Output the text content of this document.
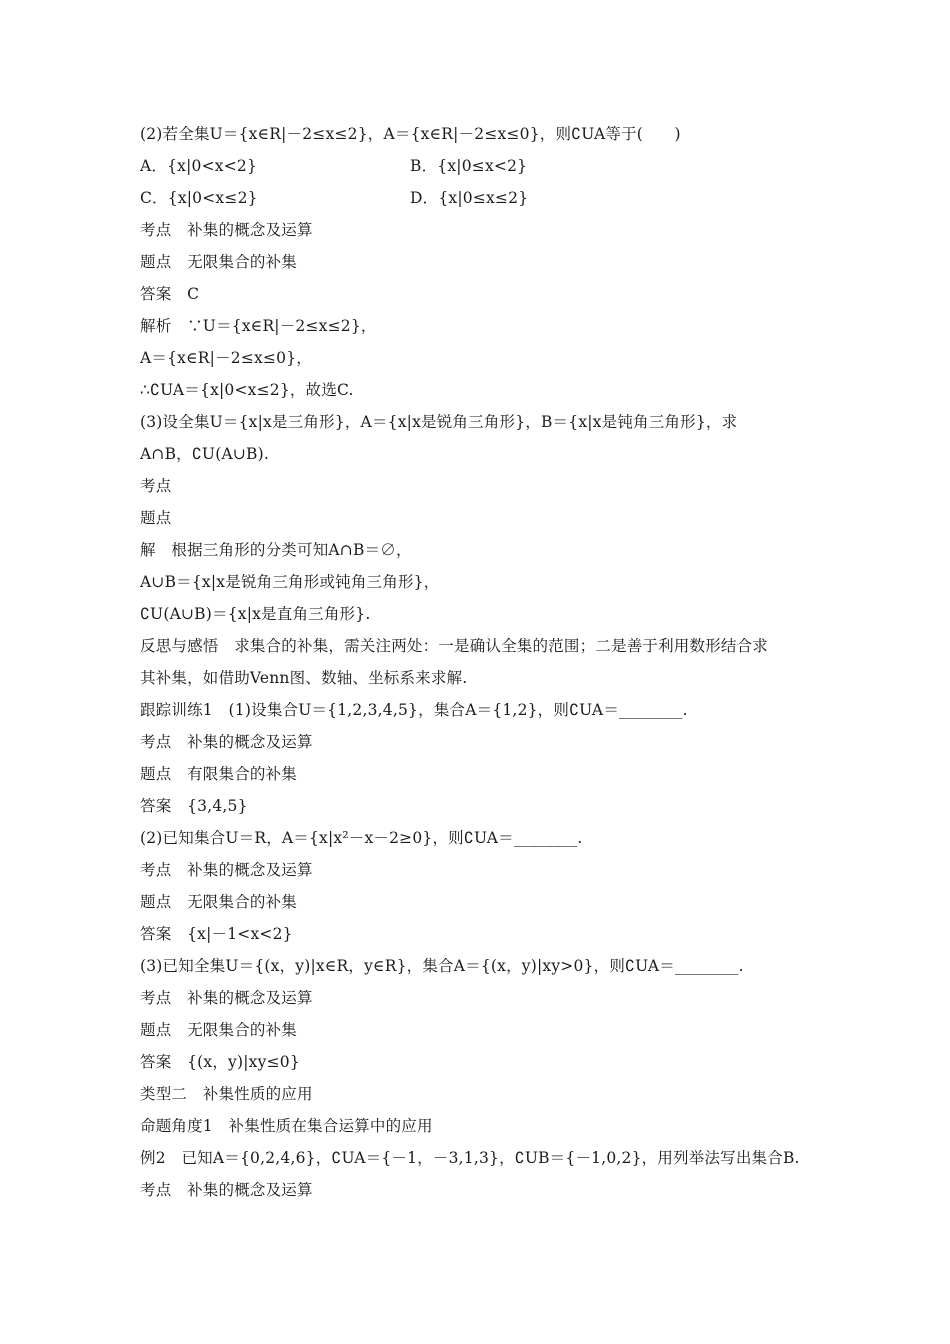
(2)若全集U＝{x∈R|－2≤x≤2}，A＝{x∈R|－2≤x≤0}，则∁UA等于(　　)
A．{x|0<x<2}	B．{x|0≤x<2}
C．{x|0<x≤2}	D．{x|0≤x≤2}
考点　补集的概念及运算
题点　无限集合的补集
答案　C
解析　∵U＝{x∈R|－2≤x≤2}，
A＝{x∈R|－2≤x≤0}，
∴∁UA＝{x|0<x≤2}，故选C.
(3)设全集U＝{x|x是三角形}，A＝{x|x是锐角三角形}，B＝{x|x是钝角三角形}，求
A∩B，∁U(A∪B).
考点
题点
解　根据三角形的分类可知A∩B＝∅，
A∪B＝{x|x是锐角三角形或钝角三角形}，
∁U(A∪B)＝{x|x是直角三角形}.
反思与感悟　求集合的补集，需关注两处：一是确认全集的范围；二是善于利用数形结合求
其补集，如借助Venn图、数轴、坐标系来求解.
跟踪训练1　(1)设集合U＝{1,2,3,4,5}，集合A＝{1,2}，则∁UA＝________.
考点　补集的概念及运算
题点　有限集合的补集
答案　{3,4,5}
(2)已知集合U＝R，A＝{x|x²－x－2≥0}，则∁UA＝________.
考点　补集的概念及运算
题点　无限集合的补集
答案　{x|－1<x<2}
(3)已知全集U＝{(x，y)|x∈R，y∈R}，集合A＝{(x，y)|xy>0}，则∁UA＝________.
考点　补集的概念及运算
题点　无限集合的补集
答案　{(x，y)|xy≤0}
类型二　补集性质的应用
命题角度1　补集性质在集合运算中的应用
例2　已知A＝{0,2,4,6}，∁UA＝{－1，－3,1,3}，∁UB＝{－1,0,2}，用列举法写出集合B.
考点　补集的概念及运算
